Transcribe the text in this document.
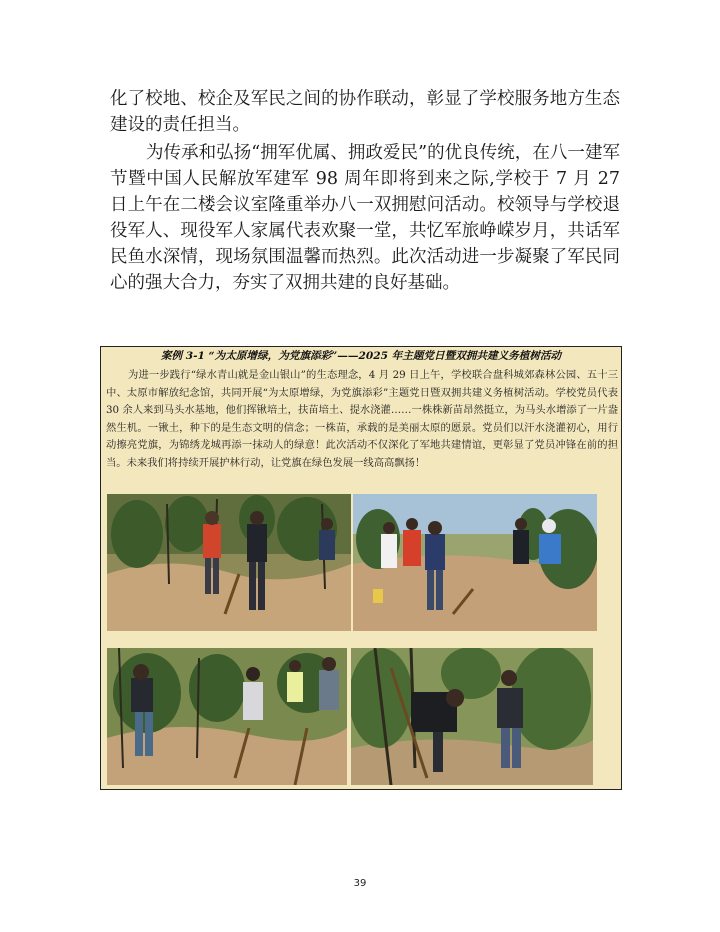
化了校地、校企及军民之间的协作联动，彰显了学校服务地方生态建设的责任担当。

为传承和弘扬“拥军优属、拥政爱民”的优良传统，在八一建军节暨中国人民解放军建军 98 周年即将到来之际,学校于 7 月 27 日上午在二楼会议室隆重举办八一双拥慰问活动。校领导与学校退役军人、现役军人家属代表欢聚一堂，共忆军旅峥嵘岁月，共话军民鱼水深情，现场氛围温馨而热烈。此次活动进一步凝聚了军民同心的强大合力，夯实了双拥共建的良好基础。

案例 3-1 “为太原增绿，为党旗添彩”——2025 年主题党日暨双拥共建义务植树活动

为进一步践行“绿水青山就是金山银山”的生态理念，4 月 29 日上午，学校联合盘科城郊森林公园、五十三中、太原市解放纪念馆，共同开展“为太原增绿，为党旗添彩”主题党日暨双拥共建义务植树活动。学校党员代表 30 余人来到马头水基地，他们挥锹培土，扶苗培土、提水浇灌……一株株新苗昂然挺立，为马头水增添了一片盎然生机。一锹土，种下的是生态文明的信念；一株苗，承载的是美丽太原的愿景。党员们以汗水浇灌初心，用行动擦亮党旗，为锦绣龙城再添一抹动人的绿意！此次活动不仅深化了军地共建情谊，更彰显了党员冲锋在前的担当。未来我们将持续开展护林行动，让党旗在绿色发展一线高高飘扬！

39
